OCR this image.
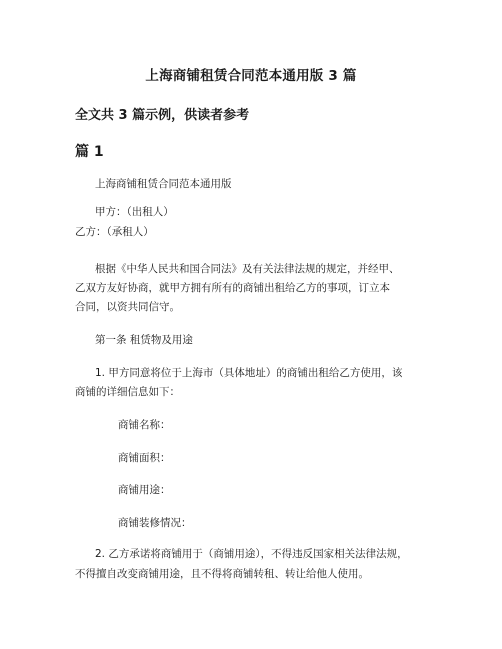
上海商铺租赁合同范本通用版 3 篇
全文共 3 篇示例，供读者参考
篇 1
上海商铺租赁合同范本通用版
甲方：（出租人）
乙方：（承租人）
根据《中华人民共和国合同法》及有关法律法规的规定，并经甲、
乙双方友好协商，就甲方拥有所有的商铺出租给乙方的事项，订立本
合同，以资共同信守。
第一条 租赁物及用途
1. 甲方同意将位于上海市（具体地址）的商铺出租给乙方使用，该
商铺的详细信息如下：
商铺名称：
商铺面积：
商铺用途：
商铺装修情况：
2. 乙方承诺将商铺用于（商铺用途），不得违反国家相关法律法规，
不得擅自改变商铺用途，且不得将商铺转租、转让给他人使用。
